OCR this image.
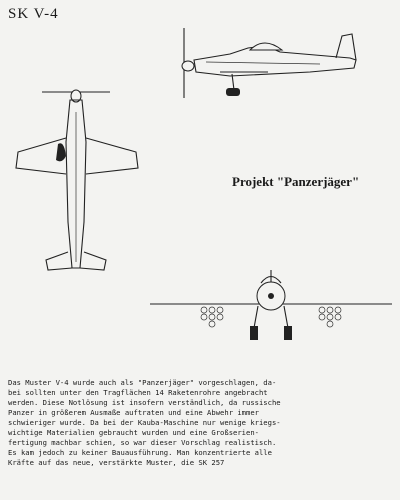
SK V-4

Projekt "Panzerjäger"

Das Muster V-4 wurde auch als "Panzerjäger" vorgeschlagen, da-
bei sollten unter den Tragflächen 14 Raketenrohre angebracht
werden. Diese Notlösung ist insofern verständlich, da russische
Panzer in größerem Ausmaße auftraten und eine Abwehr immer
schwieriger wurde. Da bei der Kauba-Maschine nur wenige kriegs-
wichtige Materialien gebraucht wurden und eine Großserien-
fertigung machbar schien, so war dieser Vorschlag realistisch.
Es kam jedoch zu keiner Bauausführung. Man konzentrierte alle
Kräfte auf das neue, verstärkte Muster, die SK 257
